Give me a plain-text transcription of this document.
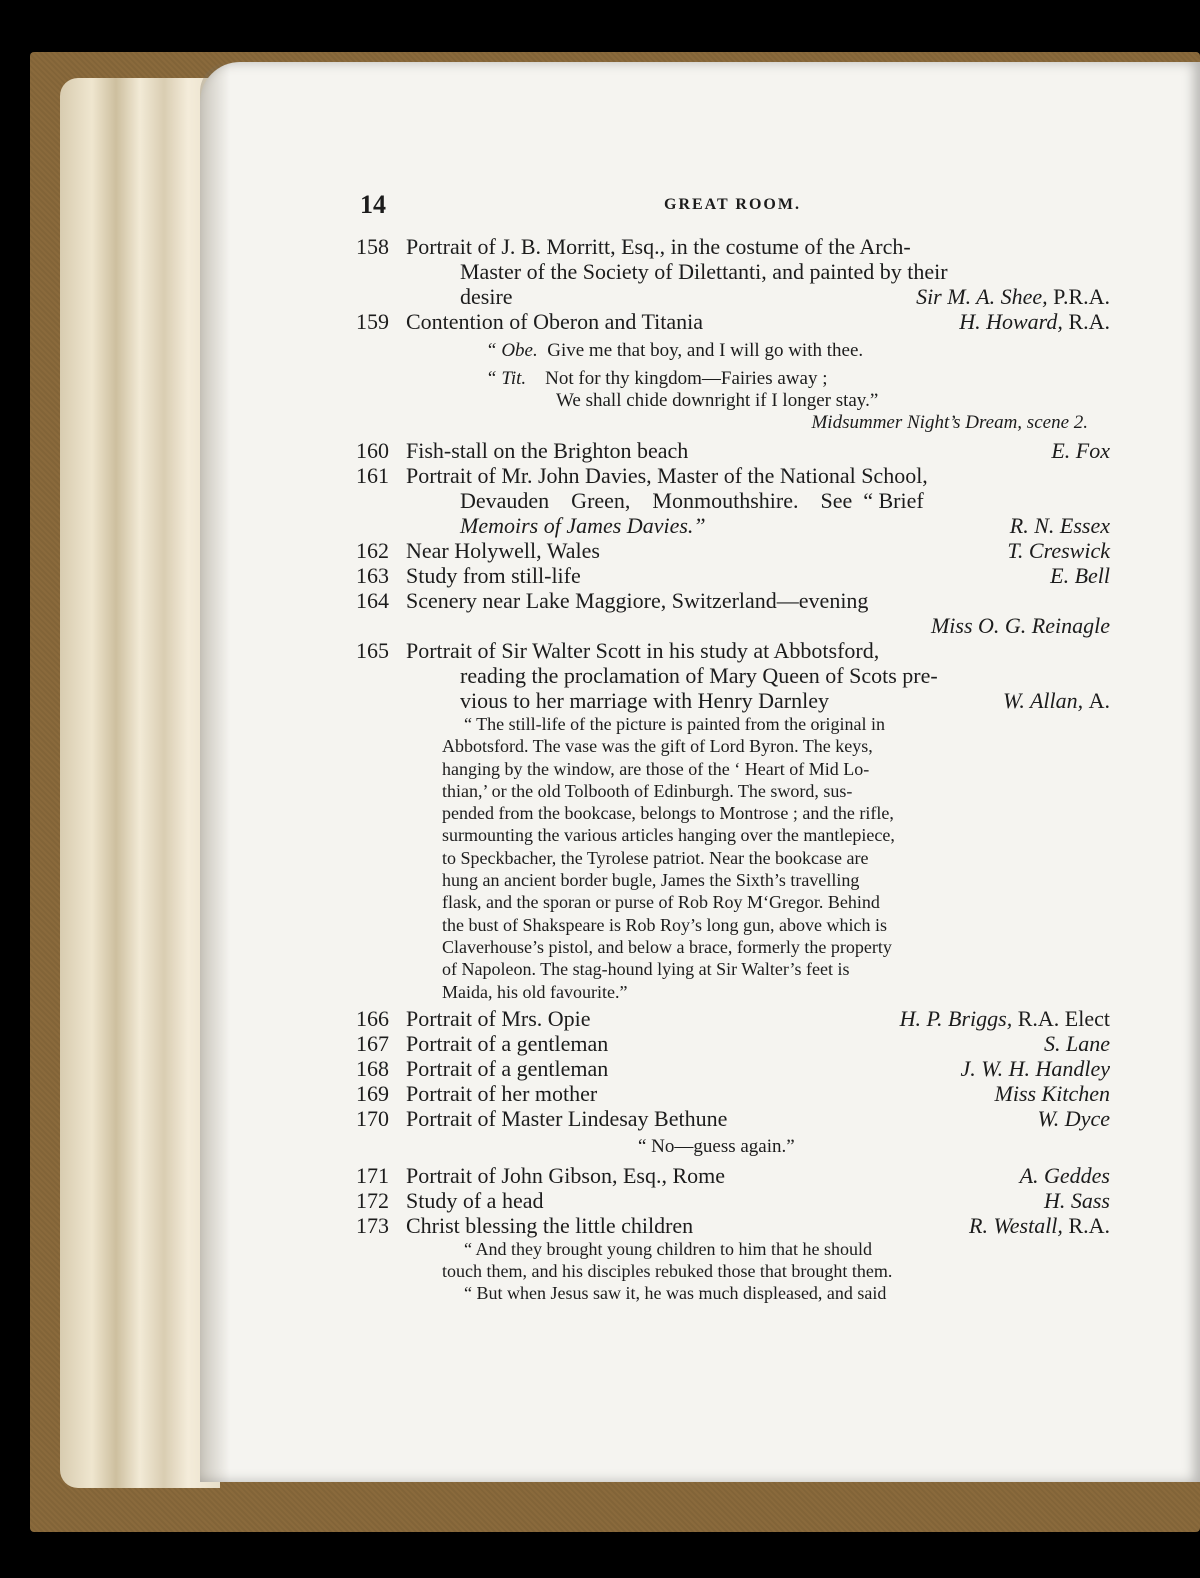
14	GREAT ROOM.
158 Portrait of J. B. Morritt, Esq., in the costume of the Arch-
Master of the Society of Dilettanti, and painted by their
desire	Sir M. A. Shee, P.R.A.
159 Contention of Oberon and Titania	H. Howard, R.A.
“ Obe. Give me that boy, and I will go with thee.
“ Tit. Not for thy kingdom—Fairies away ;
We shall chide downright if I longer stay.”
Midsummer Night’s Dream, scene 2.
160 Fish-stall on the Brighton beach	E. Fox
161 Portrait of Mr. John Davies, Master of the National School,
Devauden    Green,    Monmouthshire.    See  “ Brief
Memoirs of James Davies.”	R. N. Essex
162 Near Holywell, Wales	T. Creswick
163 Study from still-life	E. Bell
164 Scenery near Lake Maggiore, Switzerland—evening
Miss O. G. Reinagle
165 Portrait of Sir Walter Scott in his study at Abbotsford,
reading the proclamation of Mary Queen of Scots pre-
vious to her marriage with Henry Darnley	W. Allan, A.
“ The still-life of the picture is painted from the original in
Abbotsford. The vase was the gift of Lord Byron. The keys,
hanging by the window, are those of the ‘ Heart of Mid Lo-
thian,’ or the old Tolbooth of Edinburgh. The sword, sus-
pended from the bookcase, belongs to Montrose ; and the rifle,
surmounting the various articles hanging over the mantlepiece,
to Speckbacher, the Tyrolese patriot. Near the bookcase are
hung an ancient border bugle, James the Sixth’s travelling
flask, and the sporan or purse of Rob Roy M‘Gregor. Behind
the bust of Shakspeare is Rob Roy’s long gun, above which is
Claverhouse’s pistol, and below a brace, formerly the property
of Napoleon. The stag-hound lying at Sir Walter’s feet is
Maida, his old favourite.”
166 Portrait of Mrs. Opie	H. P. Briggs, R.A. Elect
167 Portrait of a gentleman	S. Lane
168 Portrait of a gentleman	J. W. H. Handley
169 Portrait of her mother	Miss Kitchen
170 Portrait of Master Lindesay Bethune	W. Dyce
“ No—guess again.”
171 Portrait of John Gibson, Esq., Rome	A. Geddes
172 Study of a head	H. Sass
173 Christ blessing the little children	R. Westall, R.A.
“ And they brought young children to him that he should
touch them, and his disciples rebuked those that brought them.
“ But when Jesus saw it, he was much displeased, and said
